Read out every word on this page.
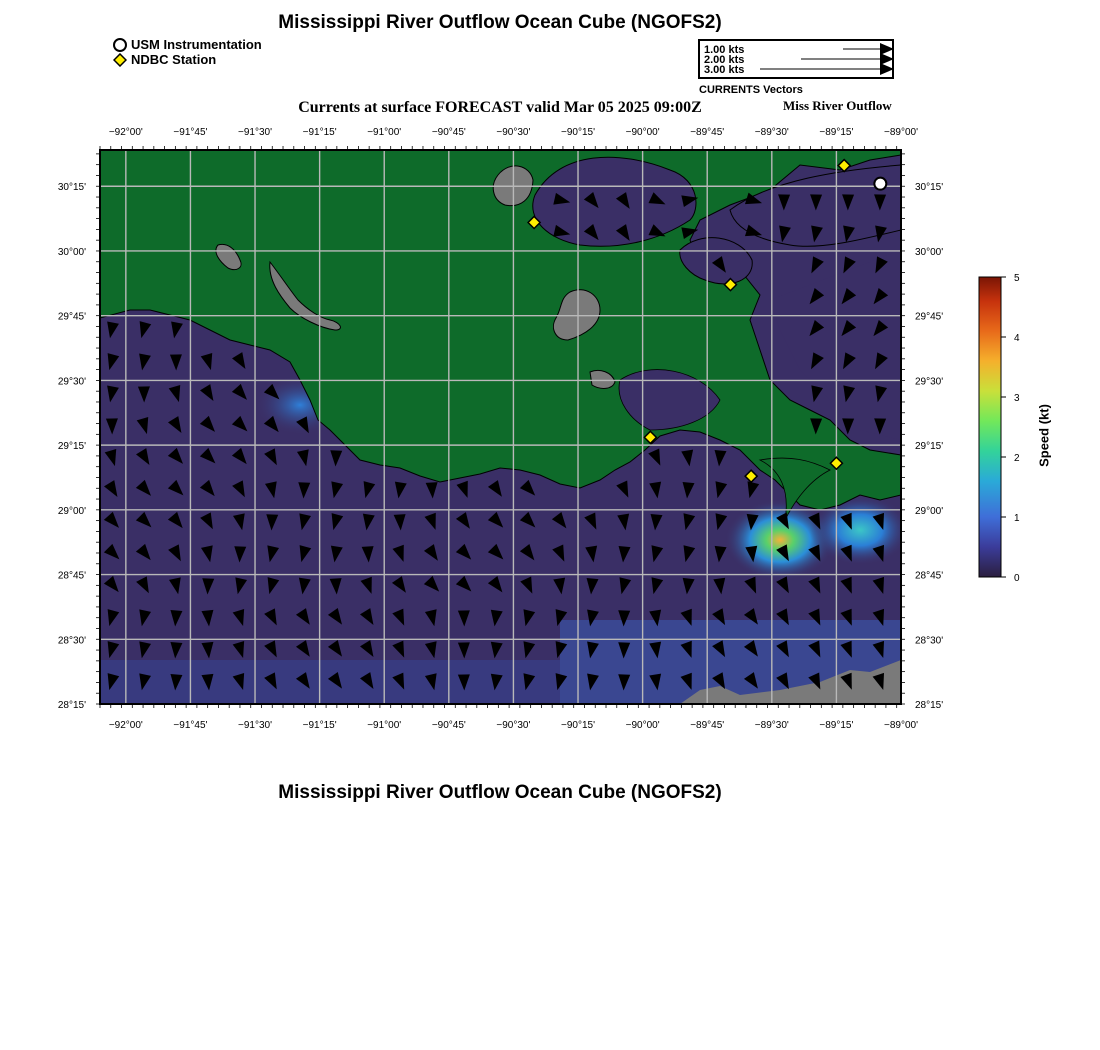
Mississippi River Outflow Ocean Cube (NGOFS2)
USM Instrumentation
NDBC Station
1.00 kts
2.00 kts
3.00 kts
CURRENTS Vectors
Currents at surface FORECAST valid Mar 05 2025 09:00Z	Miss River Outflow
−92°00'	−91°45'	−91°30'	−91°15'	−91°00'	−90°45'	−90°30'	−90°15'	−90°00'	−89°45'	−89°30'	−89°15'	−89°00'
−92°00'	−91°45'	−91°30'	−91°15'	−91°00'	−90°45'	−90°30'	−90°15'	−90°00'	−89°45'	−89°30'	−89°15'	−89°00'
30°15'
30°00'
29°45'
29°30'
29°15'
29°00'
28°45'
28°30'
28°15'
30°15'
30°00'
29°45'
29°30'
29°15'
29°00'
28°45'
28°30'
28°15'
0
1
2
3
4
5
Speed (kt)
Mississippi River Outflow Ocean Cube (NGOFS2)
